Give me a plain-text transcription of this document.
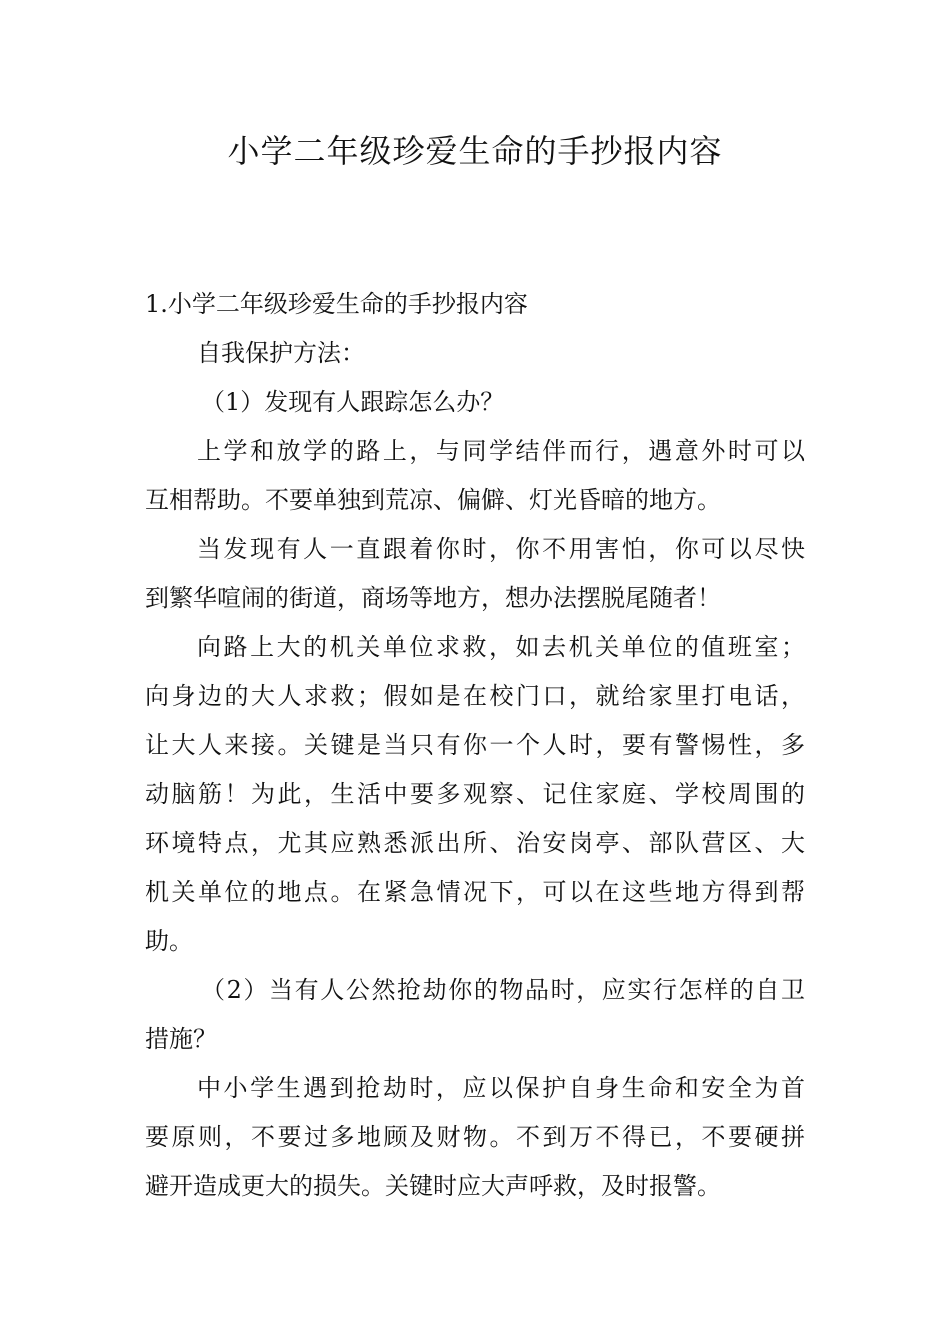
小学二年级珍爱生命的手抄报内容

1.小学二年级珍爱生命的手抄报内容

自我保护方法：

（1）发现有人跟踪怎么办？

上学和放学的路上，与同学结伴而行，遇意外时可以

互相帮助。不要单独到荒凉、偏僻、灯光昏暗的地方。

当发现有人一直跟着你时，你不用害怕，你可以尽快

到繁华喧闹的街道，商场等地方，想办法摆脱尾随者！

向路上大的机关单位求救，如去机关单位的值班室；

向身边的大人求救；假如是在校门口，就给家里打电话，

让大人来接。关键是当只有你一个人时，要有警惕性，多

动脑筋！为此，生活中要多观察、记住家庭、学校周围的

环境特点，尤其应熟悉派出所、治安岗亭、部队营区、大

机关单位的地点。在紧急情况下，可以在这些地方得到帮

助。

（2）当有人公然抢劫你的物品时，应实行怎样的自卫

措施？

中小学生遇到抢劫时，应以保护自身生命和安全为首

要原则，不要过多地顾及财物。不到万不得已，不要硬拼

避开造成更大的损失。关键时应大声呼救，及时报警。
